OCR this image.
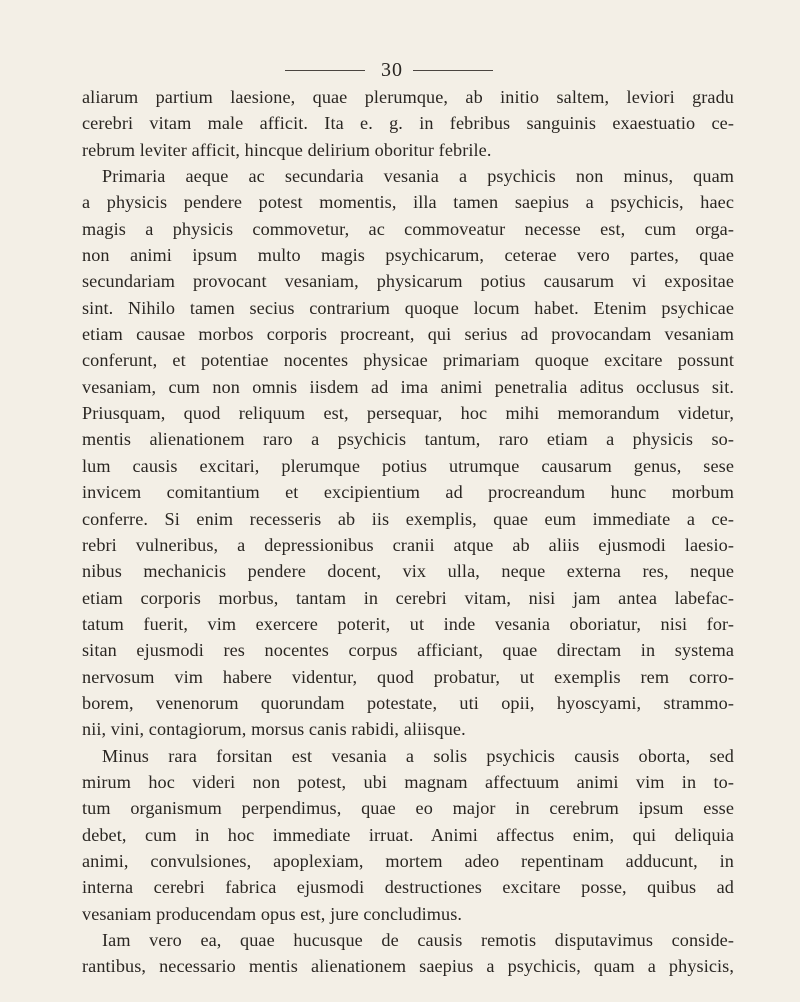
30
aliarum partium laesione, quae plerumque, ab initio saltem, leviori gradu
cerebri vitam male afficit. Ita e. g. in febribus sanguinis exaestuatio ce-
rebrum leviter afficit, hincque delirium oboritur febrile.
Primaria aeque ac secundaria vesania a psychicis non minus, quam
a physicis pendere potest momentis, illa tamen saepius a psychicis, haec
magis a physicis commovetur, ac commoveatur necesse est, cum orga-
non animi ipsum multo magis psychicarum, ceterae vero partes, quae
secundariam provocant vesaniam, physicarum potius causarum vi expositae
sint. Nihilo tamen secius contrarium quoque locum habet. Etenim psychicae
etiam causae morbos corporis procreant, qui serius ad provocandam vesaniam
conferunt, et potentiae nocentes physicae primariam quoque excitare possunt
vesaniam, cum non omnis iisdem ad ima animi penetralia aditus occlusus sit.
Priusquam, quod reliquum est, persequar, hoc mihi memorandum videtur,
mentis alienationem raro a psychicis tantum, raro etiam a physicis so-
lum causis excitari, plerumque potius utrumque causarum genus, sese
invicem comitantium et excipientium ad procreandum hunc morbum
conferre. Si enim recesseris ab iis exemplis, quae eum immediate a ce-
rebri vulneribus, a depressionibus cranii atque ab aliis ejusmodi laesio-
nibus mechanicis pendere docent, vix ulla, neque externa res, neque
etiam corporis morbus, tantam in cerebri vitam, nisi jam antea labefac-
tatum fuerit, vim exercere poterit, ut inde vesania oboriatur, nisi for-
sitan ejusmodi res nocentes corpus afficiant, quae directam in systema
nervosum vim habere videntur, quod probatur, ut exemplis rem corro-
borem, venenorum quorundam potestate, uti opii, hyoscyami, strammo-
nii, vini, contagiorum, morsus canis rabidi, aliisque.
Minus rara forsitan est vesania a solis psychicis causis oborta, sed
mirum hoc videri non potest, ubi magnam affectuum animi vim in to-
tum organismum perpendimus, quae eo major in cerebrum ipsum esse
debet, cum in hoc immediate irruat. Animi affectus enim, qui deliquia
animi, convulsiones, apoplexiam, mortem adeo repentinam adducunt, in
interna cerebri fabrica ejusmodi destructiones excitare posse, quibus ad
vesaniam producendam opus est, jure concludimus.
Iam vero ea, quae hucusque de causis remotis disputavimus conside-
rantibus, necessario mentis alienationem saepius a psychicis, quam a physicis,
